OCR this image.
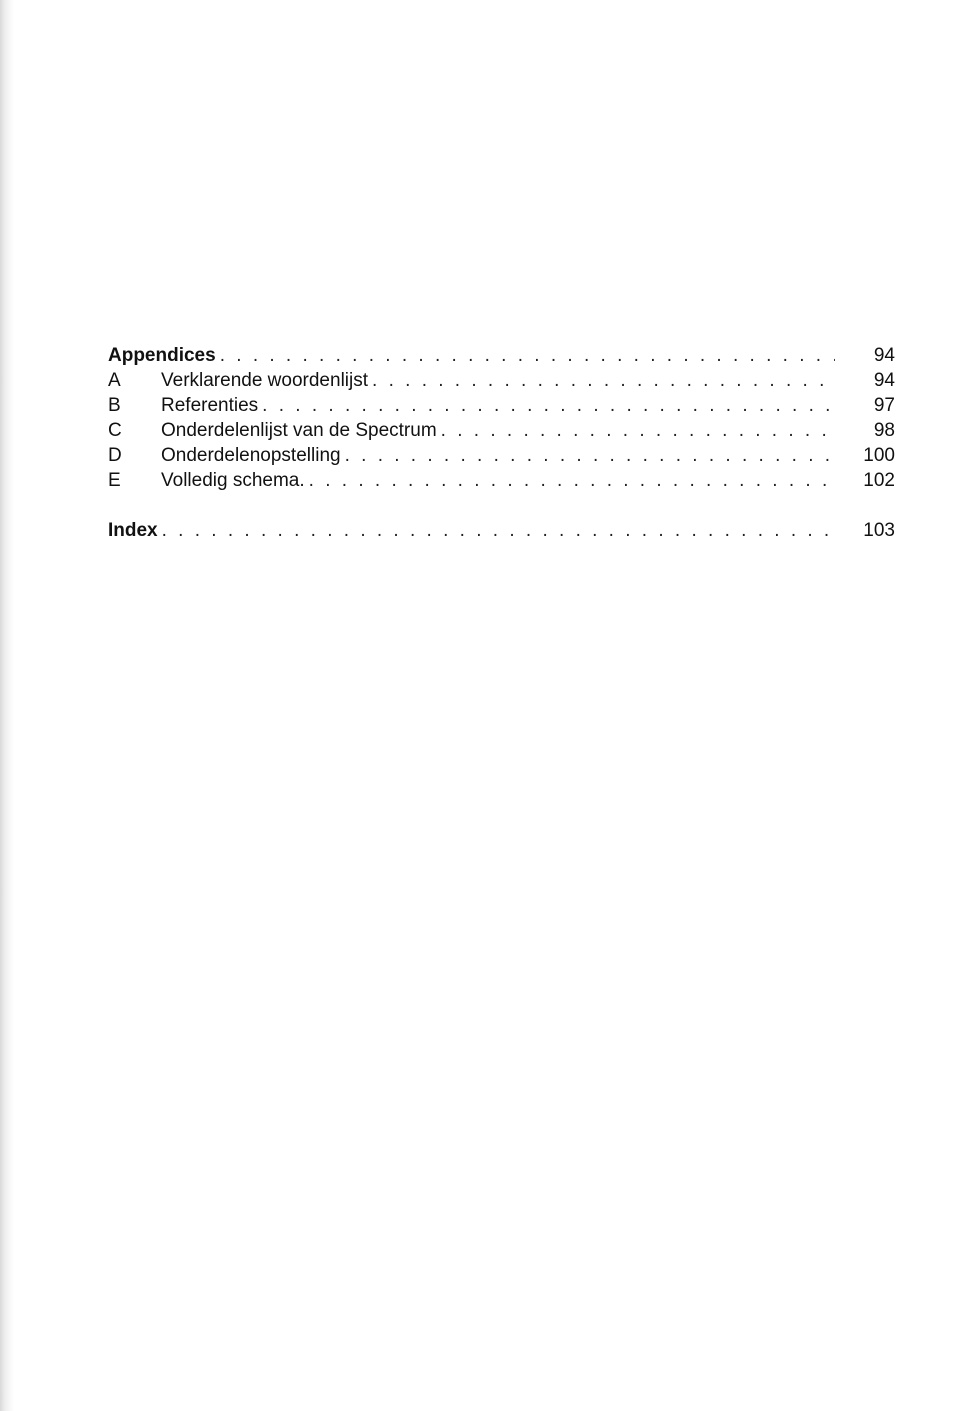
Appendices . . .	94
A	Verklarende woordenlijst . . .	94
B	Referenties . . .	97
C	Onderdelenlijst van de Spectrum . . .	98
D	Onderdelenopstelling . . .	100
E	Volledig schema. . . .	102
Index . . .	103
